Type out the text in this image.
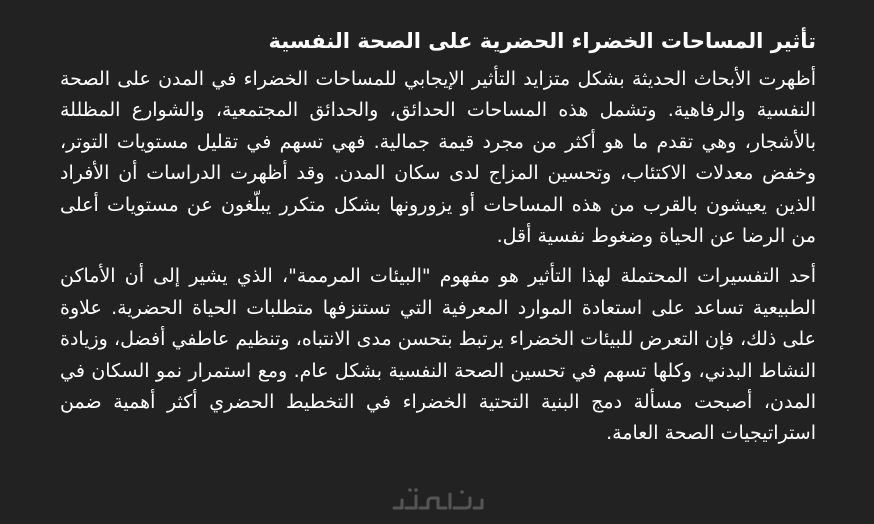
تأثير المساحات الخضراء الحضرية على الصحة النفسية

أظهرت الأبحاث الحديثة بشكل متزايد التأثير الإيجابي للمساحات الخضراء في المدن على الصحة النفسية والرفاهية. وتشمل هذه المساحات الحدائق، والحدائق المجتمعية، والشوارع المظللة بالأشجار، وهي تقدم ما هو أكثر من مجرد قيمة جمالية. فهي تسهم في تقليل مستويات التوتر، وخفض معدلات الاكتئاب، وتحسين المزاج لدى سكان المدن. وقد أظهرت الدراسات أن الأفراد الذين يعيشون بالقرب من هذه المساحات أو يزورونها بشكل متكرر يبلّغون عن مستويات أعلى من الرضا عن الحياة وضغوط نفسية أقل.

أحد التفسيرات المحتملة لهذا التأثير هو مفهوم "البيئات المرممة"، الذي يشير إلى أن الأماكن الطبيعية تساعد على استعادة الموارد المعرفية التي تستنزفها متطلبات الحياة الحضرية. علاوة على ذلك، فإن التعرض للبيئات الخضراء يرتبط بتحسن مدى الانتباه، وتنظيم عاطفي أفضل، وزيادة النشاط البدني، وكلها تسهم في تحسين الصحة النفسية بشكل عام. ومع استمرار نمو السكان في المدن، أصبحت مسألة دمج البنية التحتية الخضراء في التخطيط الحضري أكثر أهمية ضمن استراتيجيات الصحة العامة.
